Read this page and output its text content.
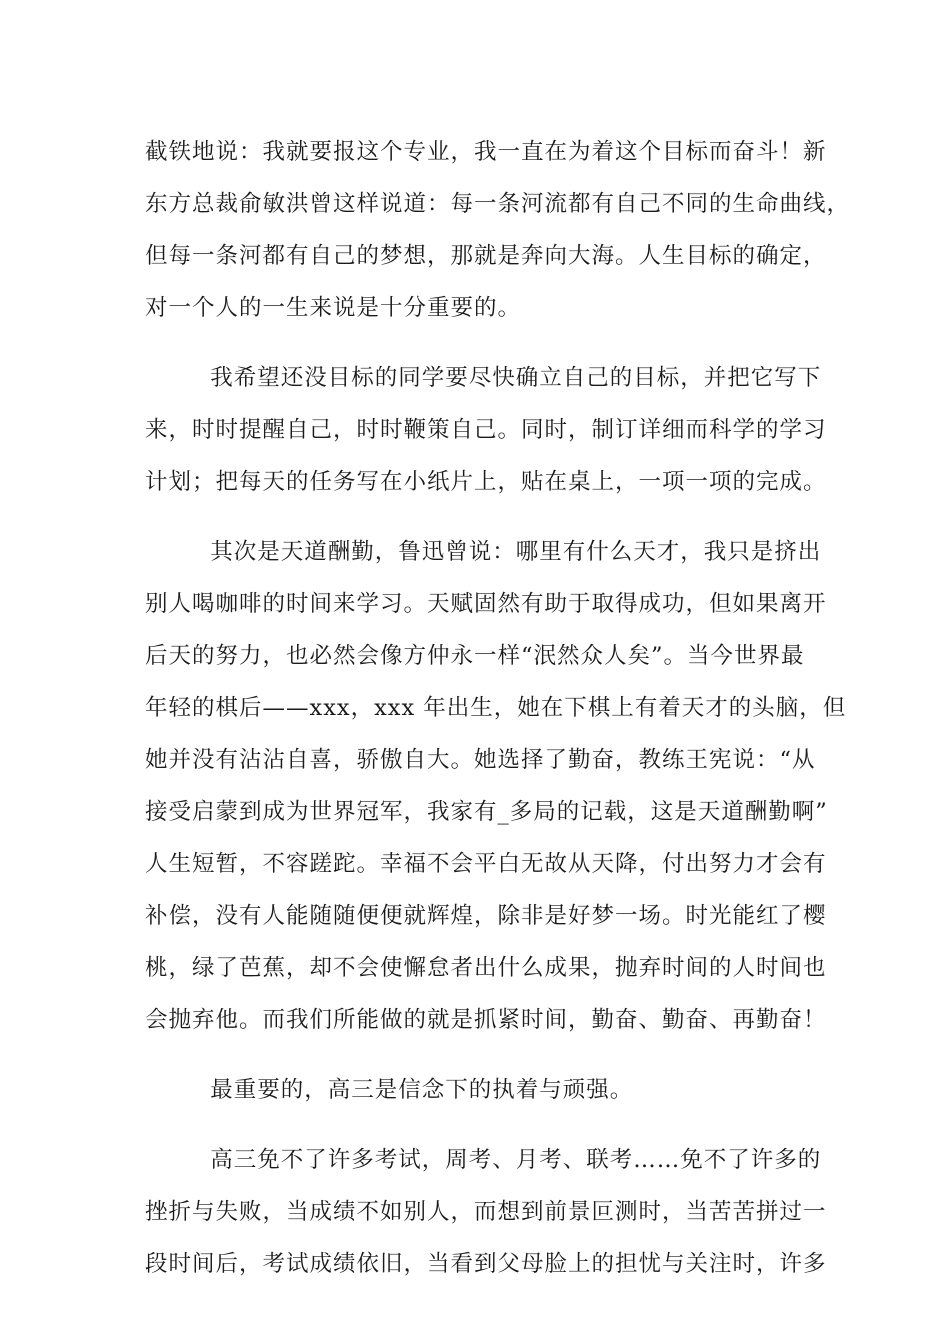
截铁地说：我就要报这个专业，我一直在为着这个目标而奋斗！新
东方总裁俞敏洪曾这样说道：每一条河流都有自己不同的生命曲线，
但每一条河都有自己的梦想，那就是奔向大海。人生目标的确定，
对一个人的一生来说是十分重要的。

我希望还没目标的同学要尽快确立自己的目标，并把它写下
来，时时提醒自己，时时鞭策自己。同时，制订详细而科学的学习
计划；把每天的任务写在小纸片上，贴在桌上，一项一项的完成。

其次是天道酬勤，鲁迅曾说：哪里有什么天才，我只是挤出
别人喝咖啡的时间来学习。天赋固然有助于取得成功，但如果离开
后天的努力，也必然会像方仲永一样“泯然众人矣”。当今世界最
年轻的棋后——xxx，xxx 年出生，她在下棋上有着天才的头脑，但
她并没有沾沾自喜，骄傲自大。她选择了勤奋，教练王宪说：“从
接受启蒙到成为世界冠军，我家有_多局的记载，这是天道酬勤啊”
人生短暂，不容蹉跎。幸福不会平白无故从天降，付出努力才会有
补偿，没有人能随随便便就辉煌，除非是好梦一场。时光能红了樱
桃，绿了芭蕉，却不会使懈怠者出什么成果，抛弃时间的人时间也
会抛弃他。而我们所能做的就是抓紧时间，勤奋、勤奋、再勤奋！

最重要的，高三是信念下的执着与顽强。

高三免不了许多考试，周考、月考、联考……免不了许多的
挫折与失败，当成绩不如别人，而想到前景叵测时，当苦苦拼过一
段时间后，考试成绩依旧，当看到父母脸上的担忧与关注时，许多
